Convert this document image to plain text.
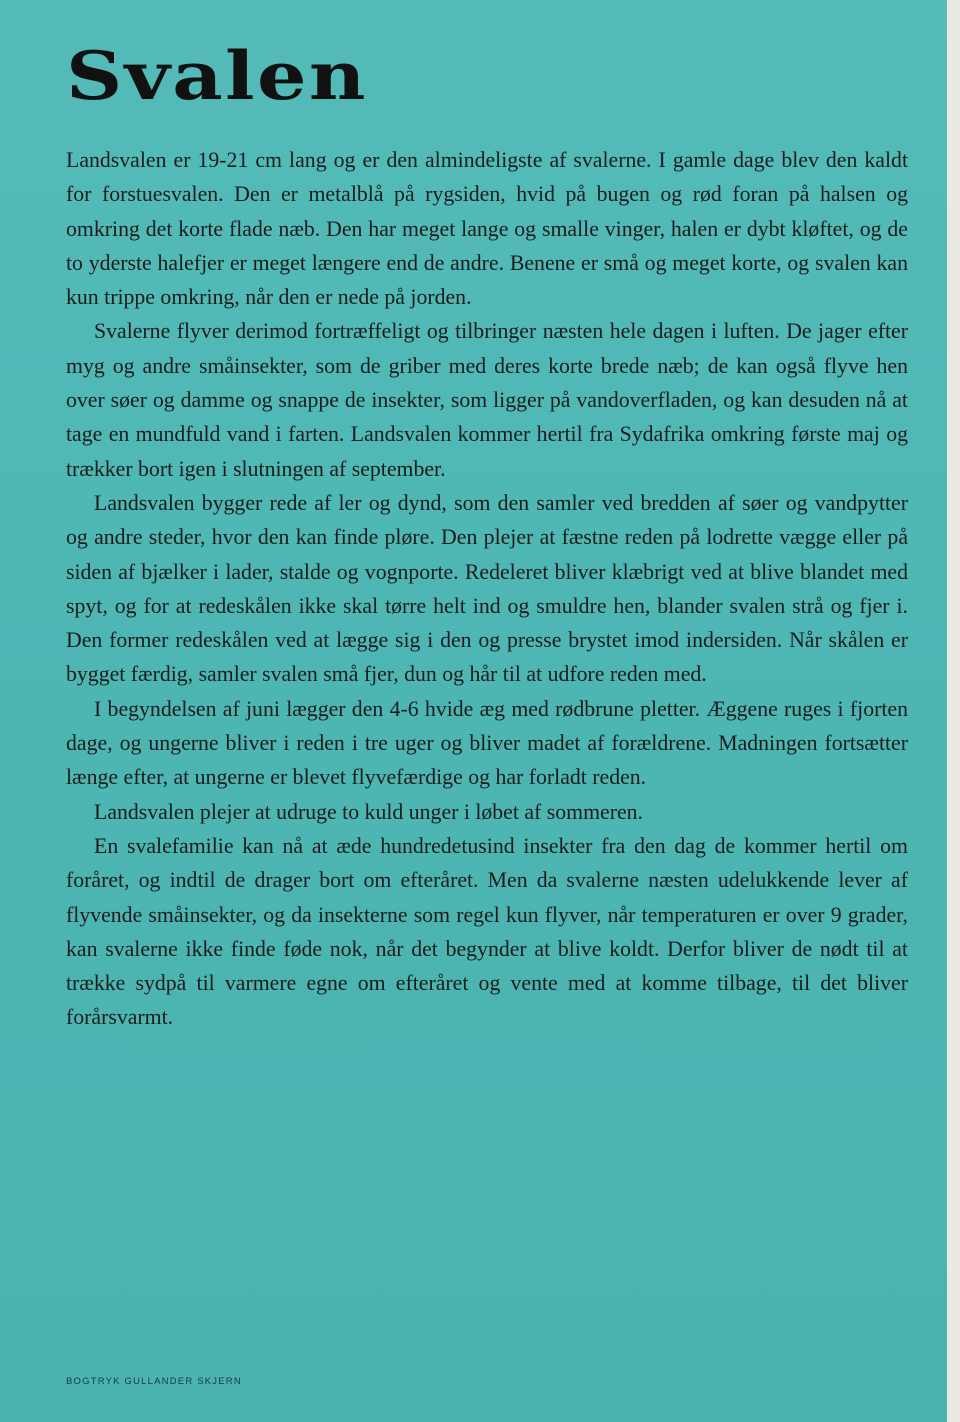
Svalen

Landsvalen er 19-21 cm lang og er den almindeligste af svalerne. I gamle dage blev den kaldt for forstuesvalen. Den er metalblå på rygsiden, hvid på bugen og rød foran på halsen og omkring det korte flade næb. Den har meget lange og smalle vinger, halen er dybt kløftet, og de to yderste halefjer er meget længere end de andre. Benene er små og meget korte, og svalen kan kun trippe omkring, når den er nede på jorden.

Svalerne flyver derimod fortræffeligt og tilbringer næsten hele dagen i luften. De jager efter myg og andre småinsekter, som de griber med deres korte brede næb; de kan også flyve hen over søer og damme og snappe de insekter, som ligger på vandoverfladen, og kan desuden nå at tage en mundfuld vand i farten. Landsvalen kommer hertil fra Sydafrika omkring første maj og trækker bort igen i slutningen af september.

Landsvalen bygger rede af ler og dynd, som den samler ved bredden af søer og vandpytter og andre steder, hvor den kan finde pløre. Den plejer at fæstne reden på lodrette vægge eller på siden af bjælker i lader, stalde og vognporte. Redeleret bliver klæbrigt ved at blive blandet med spyt, og for at redeskålen ikke skal tørre helt ind og smuldre hen, blander svalen strå og fjer i. Den former redeskålen ved at lægge sig i den og presse brystet imod indersiden. Når skålen er bygget færdig, samler svalen små fjer, dun og hår til at udfore reden med.

I begyndelsen af juni lægger den 4-6 hvide æg med rødbrune pletter. Æggene ruges i fjorten dage, og ungerne bliver i reden i tre uger og bliver madet af forældrene. Madningen fortsætter længe efter, at ungerne er blevet flyvefærdige og har forladt reden.

Landsvalen plejer at udruge to kuld unger i løbet af sommeren.

En svalefamilie kan nå at æde hundredetusind insekter fra den dag de kommer hertil om foråret, og indtil de drager bort om efteråret. Men da svalerne næsten udelukkende lever af flyvende småinsekter, og da insekterne som regel kun flyver, når temperaturen er over 9 grader, kan svalerne ikke finde føde nok, når det begynder at blive koldt. Derfor bliver de nødt til at trække sydpå til varmere egne om efteråret og vente med at komme tilbage, til det bliver forårsvarmt.

BOGTRYK GULLANDER SKJERN
